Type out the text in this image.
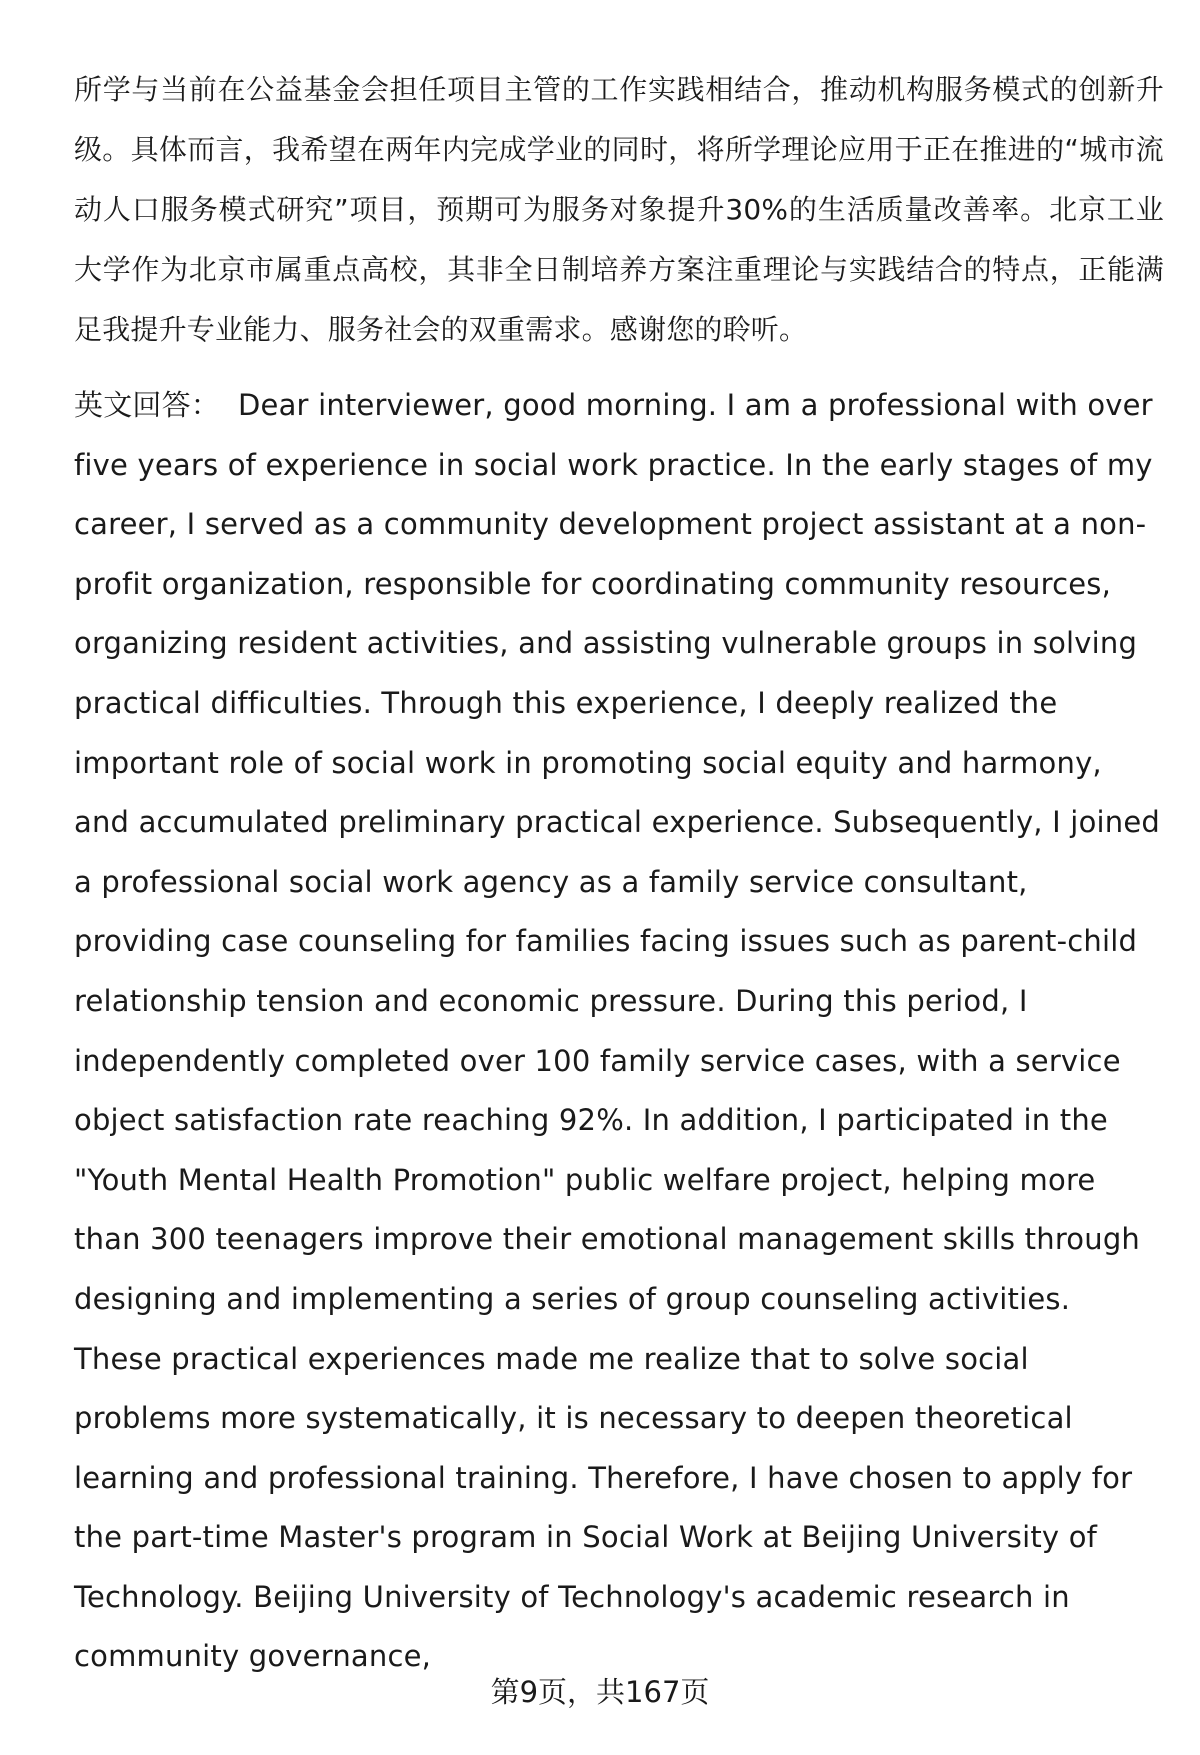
所学与当前在公益基金会担任项目主管的工作实践相结合，推动机构服务模式的创新升级。具体而言，我希望在两年内完成学业的同时，将所学理论应用于正在推进的“城市流动人口服务模式研究”项目，预期可为服务对象提升30%的生活质量改善率。北京工业大学作为北京市属重点高校，其非全日制培养方案注重理论与实践结合的特点，正能满足我提升专业能力、服务社会的双重需求。感谢您的聆听。

英文回答： Dear interviewer, good morning. I am a professional with over five years of experience in social work practice. In the early stages of my career, I served as a community development project assistant at a non-profit organization, responsible for coordinating community resources, organizing resident activities, and assisting vulnerable groups in solving practical difficulties. Through this experience, I deeply realized the important role of social work in promoting social equity and harmony, and accumulated preliminary practical experience. Subsequently, I joined a professional social work agency as a family service consultant, providing case counseling for families facing issues such as parent-child relationship tension and economic pressure. During this period, I independently completed over 100 family service cases, with a service object satisfaction rate reaching 92%. In addition, I participated in the "Youth Mental Health Promotion" public welfare project, helping more than 300 teenagers improve their emotional management skills through designing and implementing a series of group counseling activities. These practical experiences made me realize that to solve social problems more systematically, it is necessary to deepen theoretical learning and professional training. Therefore, I have chosen to apply for the part-time Master's program in Social Work at Beijing University of Technology. Beijing University of Technology's academic research in community governance,

第9页，共167页
